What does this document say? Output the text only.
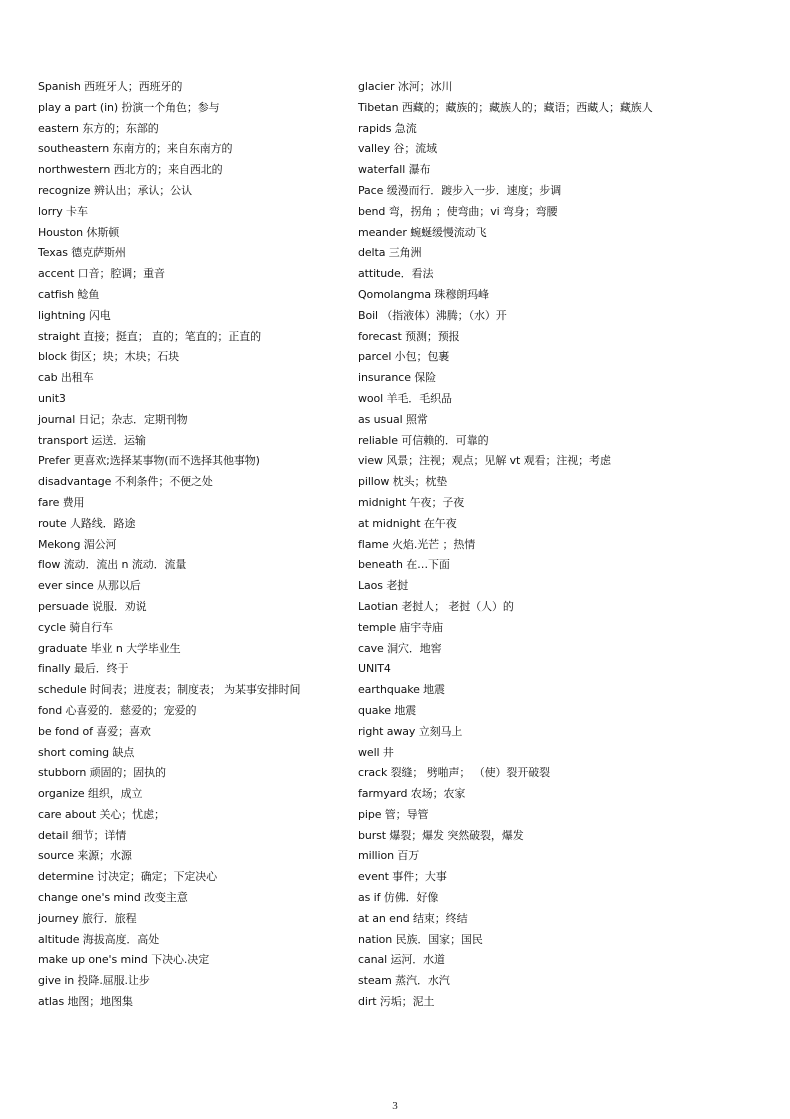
Spanish 西班牙人；西班牙的
play a part (in) 扮演一个角色；参与
eastern 东方的；东部的
southeastern 东南方的；来自东南方的
northwestern 西北方的；来自西北的
recognize 辨认出；承认；公认
lorry 卡车
Houston 休斯顿
Texas 德克萨斯州
accent 口音；腔调；重音
catfish 鲶鱼
lightning 闪电
straight 直接；挺直； 直的；笔直的；正直的
block 街区；块；木块；石块
cab 出租车
unit3
journal 日记；杂志．定期刊物
transport 运送．运输
Prefer 更喜欢;选择某事物(而不选择其他事物)
disadvantage 不利条件；不便之处
fare 费用
route 人路线．路途
Mekong 湄公河
flow 流动．流出 n 流动．流量
ever since 从那以后
persuade 说服．劝说
cycle 骑自行车
graduate 毕业 n 大学毕业生
finally 最后．终于
schedule 时间表；进度表；制度表； 为某事安排时间
fond 心喜爱的．慈爱的；宠爱的
be fond of 喜爱；喜欢
short coming 缺点
stubborn 顽固的；固执的
organize 组织，成立
care about 关心；忧虑；
detail 细节；详情
source 来源；水源
determine 讨决定；确定；下定决心
change one's mind 改变主意
journey 旅行．旅程
altitude 海拔高度．高处
make up one's mind 下决心.决定
give in 投降.屈服.让步
atlas 地图；地图集
glacier 冰河；冰川
Tibetan 西藏的；藏族的；藏族人的；藏语；西藏人；藏族人
rapids 急流
valley 谷；流域
waterfall 瀑布
Pace 缓漫而行．踱步入一步．速度；步调
bend 弯，拐角 ；使弯曲；vi 弯身；弯腰
meander 蜿蜒缓慢流动飞
delta 三角洲
attitude．看法
Qomolangma 珠穆朗玛峰
Boil （指液体）沸腾；（水）开
forecast 预测；预报
parcel 小包；包裹
insurance 保险
wool 羊毛．毛织品
as usual 照常
reliable 可信赖的．可靠的
view 风景；注视；观点；见解 vt 观看；注视；考虑
pillow 枕头；枕垫
midnight 午夜；子夜
at midnight 在午夜
flame 火焰.光芒 ；热情
beneath 在…下面
Laos 老挝
Laotian 老挝人； 老挝（人）的
temple 庙宇寺庙
cave 洞穴．地窖
UNIT4
earthquake 地震
quake 地震
right away 立刻马上
well 井
crack 裂缝； 劈啪声； （使）裂开破裂
farmyard 农场；农家
pipe 管；导管
burst 爆裂；爆发 突然破裂，爆发
million 百万
event 事件；大事
as if 仿佛．好像
at an end 结束；终结
nation 民族．国家；国民
canal 运河．水道
steam 蒸汽．水汽
dirt 污垢；泥土
3
